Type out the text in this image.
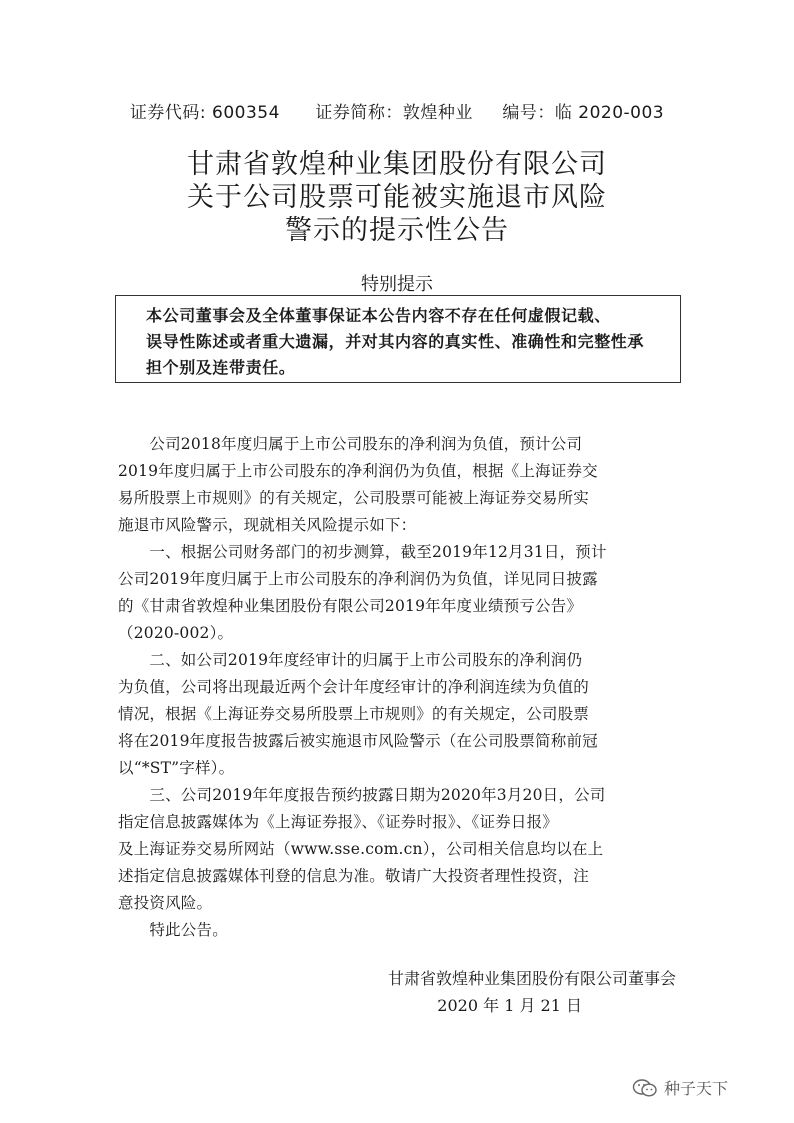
证券代码: 600354 证券简称：敦煌种业 编号：临 2020-003
甘肃省敦煌种业集团股份有限公司
关于公司股票可能被实施退市风险
警示的提示性公告
特别提示
本公司董事会及全体董事保证本公告内容不存在任何虚假记载、
误导性陈述或者重大遗漏，并对其内容的真实性、准确性和完整性承
担个别及连带责任。
　　公司2018年度归属于上市公司股东的净利润为负值，预计公司
2019年度归属于上市公司股东的净利润仍为负值，根据《上海证券交
易所股票上市规则》的有关规定，公司股票可能被上海证券交易所实
施退市风险警示，现就相关风险提示如下：
　　一、根据公司财务部门的初步测算，截至2019年12月31日，预计
公司2019年度归属于上市公司股东的净利润仍为负值，详见同日披露
的《甘肃省敦煌种业集团股份有限公司2019年年度业绩预亏公告》
（2020-002）。
　　二、如公司2019年度经审计的归属于上市公司股东的净利润仍
为负值，公司将出现最近两个会计年度经审计的净利润连续为负值的
情况，根据《上海证券交易所股票上市规则》的有关规定，公司股票
将在2019年度报告披露后被实施退市风险警示（在公司股票简称前冠
以“*ST”字样）。
　　三、公司2019年年度报告预约披露日期为2020年3月20日，公司
指定信息披露媒体为《上海证券报》、《证券时报》、《证券日报》
及上海证券交易所网站（www.sse.com.cn），公司相关信息均以在上
述指定信息披露媒体刊登的信息为准。敬请广大投资者理性投资，注
意投资风险。
　　特此公告。
甘肃省敦煌种业集团股份有限公司董事会
2020 年 1 月 21 日
种子天下
